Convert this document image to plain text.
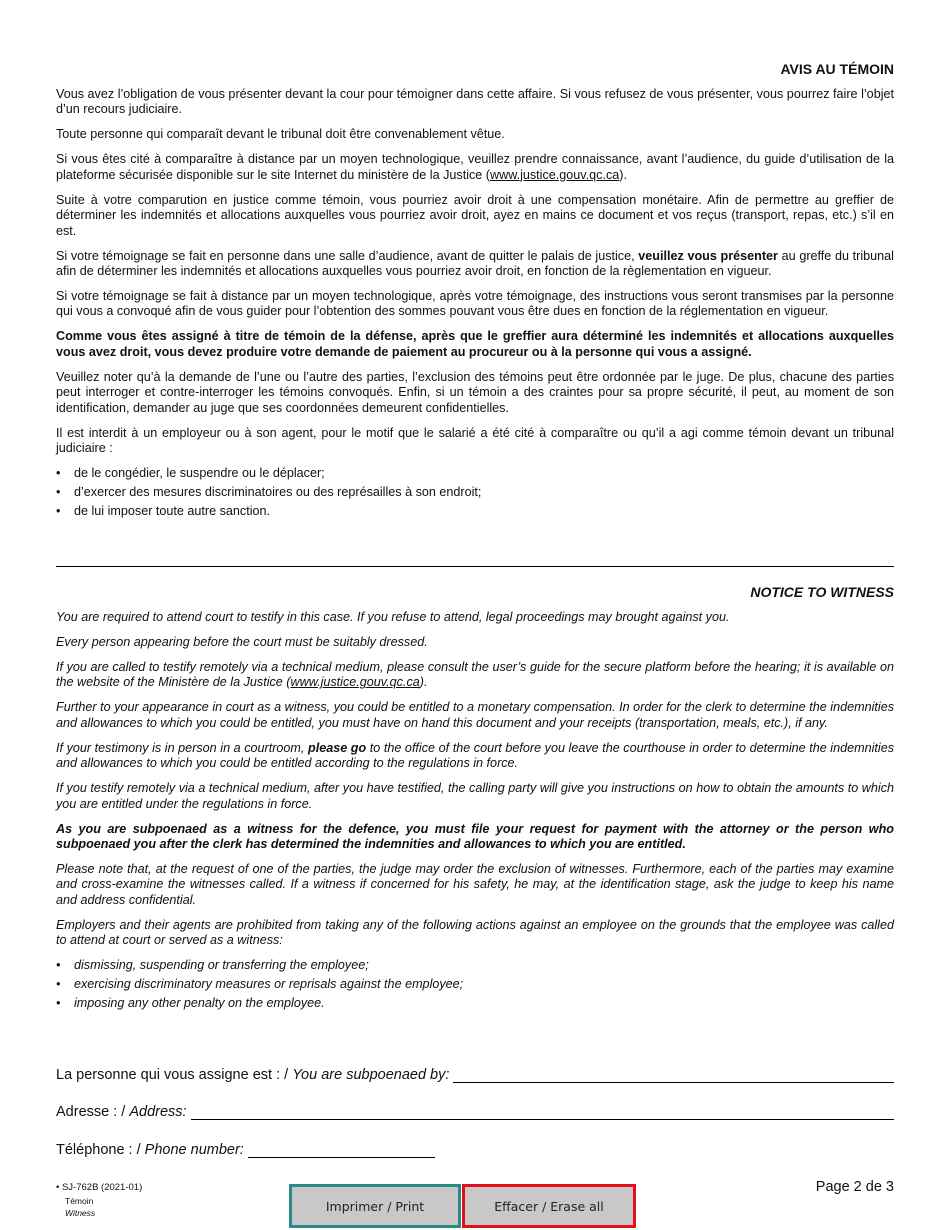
AVIS AU TÉMOIN

Vous avez l’obligation de vous présenter devant la cour pour témoigner dans cette affaire. Si vous refusez de vous présenter, vous pourrez faire l’objet d’un recours judiciaire.

Toute personne qui comparaît devant le tribunal doit être convenablement vêtue.

Si vous êtes cité à comparaître à distance par un moyen technologique, veuillez prendre connaissance, avant l’audience, du guide d’utilisation de la plateforme sécurisée disponible sur le site Internet du ministère de la Justice (www.justice.gouv.qc.ca).

Suite à votre comparution en justice comme témoin, vous pourriez avoir droit à une compensation monétaire. Afin de permettre au greffier de déterminer les indemnités et allocations auxquelles vous pourriez avoir droit, ayez en mains ce document et vos reçus (transport, repas, etc.) s’il en est.

Si votre témoignage se fait en personne dans une salle d’audience, avant de quitter le palais de justice, veuillez vous présenter au greffe du tribunal afin de déterminer les indemnités et allocations auxquelles vous pourriez avoir droit, en fonction de la règlementation en vigueur.

Si votre témoignage se fait à distance par un moyen technologique, après votre témoignage, des instructions vous seront transmises par la personne qui vous a convoqué afin de vous guider pour l’obtention des sommes pouvant vous être dues en fonction de la réglementation en vigueur.

Comme vous êtes assigné à titre de témoin de la défense, après que le greffier aura déterminé les indemnités et allocations auxquelles vous avez droit, vous devez produire votre demande de paiement au procureur ou à la personne qui vous a assigné.

Veuillez noter qu’à la demande de l’une ou l’autre des parties, l’exclusion des témoins peut être ordonnée par le juge. De plus, chacune des parties peut interroger et contre-interroger les témoins convoqués. Enfin, si un témoin a des craintes pour sa propre sécurité, il peut, au moment de son identification, demander au juge que ses coordonnées demeurent confidentielles.

Il est interdit à un employeur ou à son agent, pour le motif que le salarié a été cité à comparaître ou qu’il a agi comme témoin devant un tribunal judiciaire :

• de le congédier, le suspendre ou le déplacer;
• d’exercer des mesures discriminatoires ou des représailles à son endroit;
• de lui imposer toute autre sanction.
NOTICE TO WITNESS

You are required to attend court to testify in this case. If you refuse to attend, legal proceedings may brought against you.

Every person appearing before the court must be suitably dressed.

If you are called to testify remotely via a technical medium, please consult the user’s guide for the secure platform before the hearing; it is available on the website of the Ministère de la Justice (www.justice.gouv.qc.ca).

Further to your appearance in court as a witness, you could be entitled to a monetary compensation. In order for the clerk to determine the indemnities and allowances to which you could be entitled, you must have on hand this document and your receipts (transportation, meals, etc.), if any.

If your testimony is in person in a courtroom, please go to the office of the court before you leave the courthouse in order to determine the indemnities and allowances to which you could be entitled according to the regulations in force.

If you testify remotely via a technical medium, after you have testified, the calling party will give you instructions on how to obtain the amounts to which you are entitled under the regulations in force.

As you are subpoenaed as a witness for the defence, you must file your request for payment with the attorney or the person who subpoenaed you after the clerk has determined the indemnities and allowances to which you are entitled.

Please note that, at the request of one of the parties, the judge may order the exclusion of witnesses. Furthermore, each of the parties may examine and cross-examine the witnesses called. If a witness if concerned for his safety, he may, at the identification stage, ask the judge to keep his name and address confidential.

Employers and their agents are prohibited from taking any of the following actions against an employee on the grounds that the employee was called to attend at court or served as a witness:

• dismissing, suspending or transferring the employee;
• exercising discriminatory measures or reprisals against the employee;
• imposing any other penalty on the employee.
La personne qui vous assigne est : / You are subpoenaed by:
Adresse : / Address:
Téléphone : / Phone number:
• SJ-762B (2021-01)
Témoin
Witness
Page 2 de 3
Imprimer / Print	Effacer / Erase all
